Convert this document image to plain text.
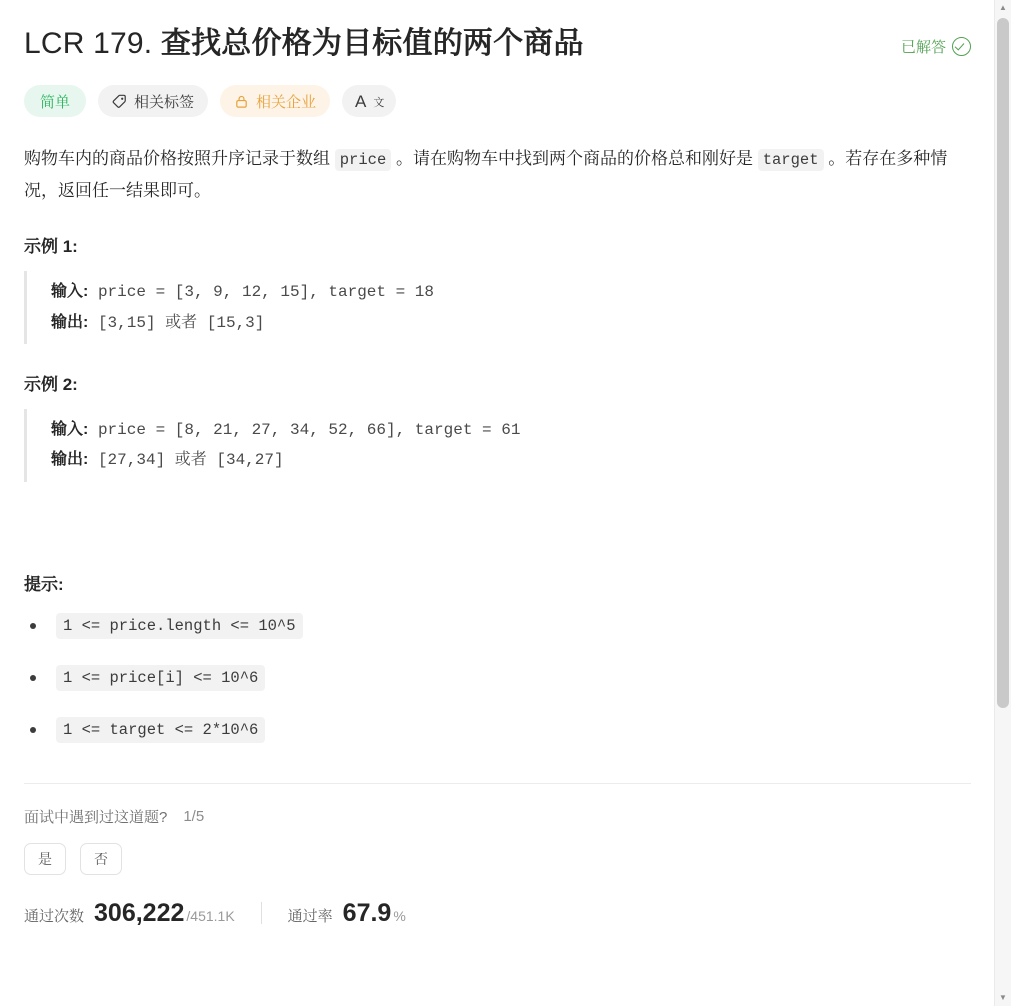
LCR 179. 查找总价格为目标值的两个商品	已解答
简单	相关标签	相关企业 A 文

购物车内的商品价格按照升序记录于数组 price 。请在购物车中找到两个商品的价格总和刚好是 target 。若存在多种情况，返回任一结果即可。

示例 1:
输入: price = [3, 9, 12, 15], target = 18
输出: [3,15] 或者 [15,3]
示例 2:
输入: price = [8, 21, 27, 34, 52, 66], target = 61
输出: [27,34] 或者 [34,27]
提示:
1 <= price.length <= 10^5
1 <= price[i] <= 10^6
1 <= target <= 2*10^6
面试中遇到过这道题? 1/5
是	否
通过次数 306,222 /451.1K	通过率 67.9 %
▲
▼
